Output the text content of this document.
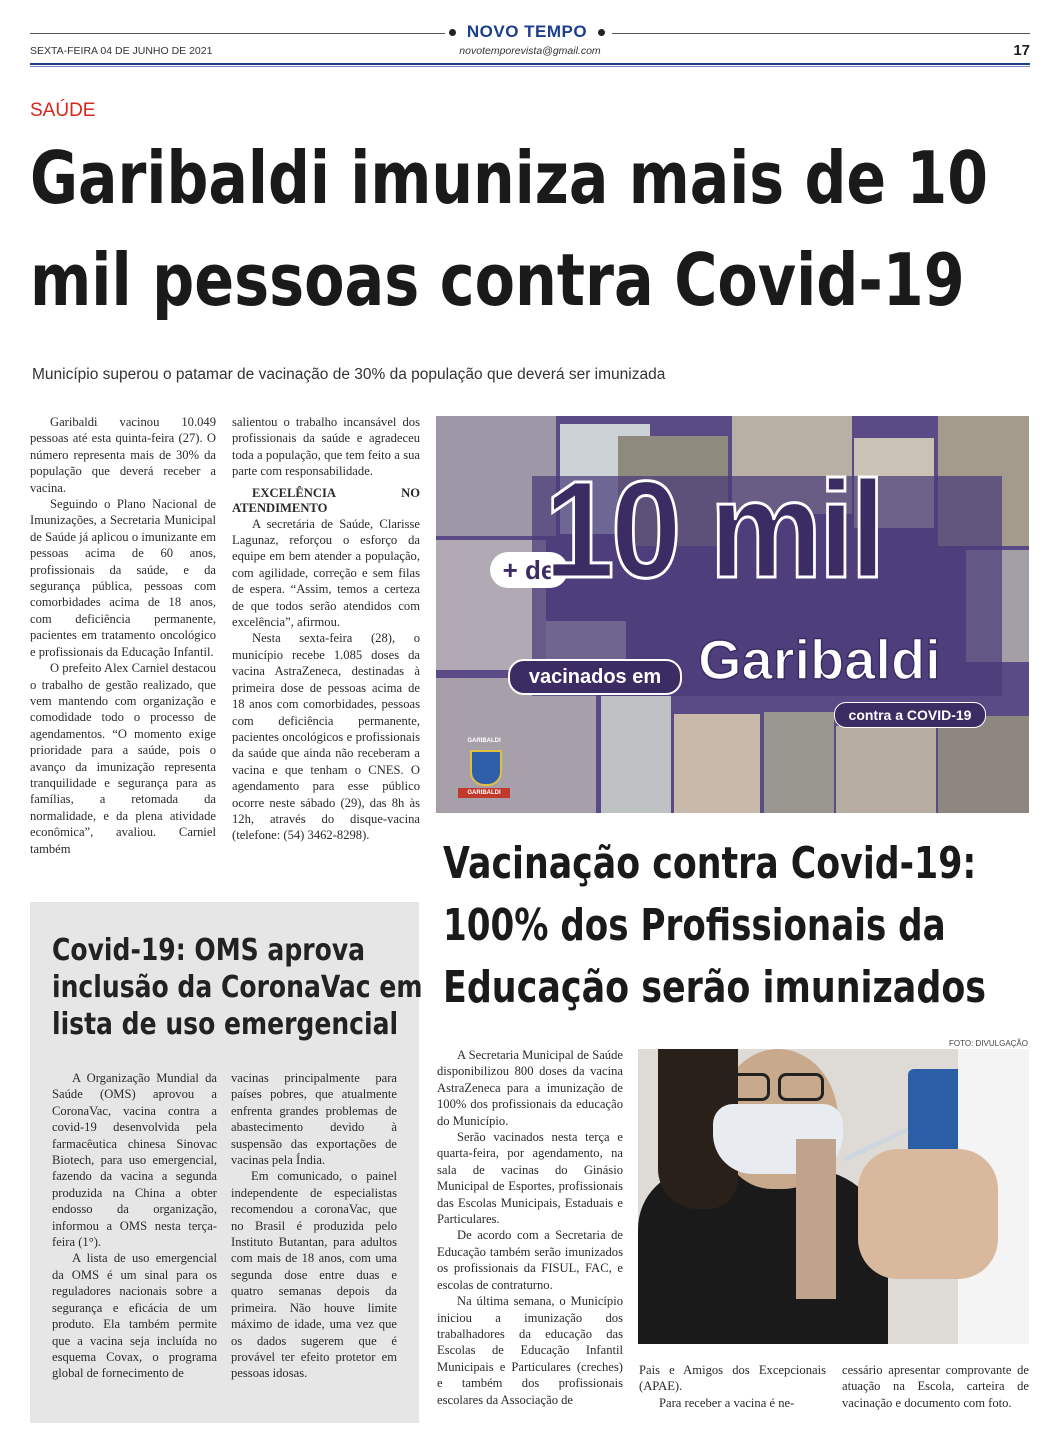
NOVO TEMPO
SEXTA-FEIRA 04 DE JUNHO DE 2021	novotemporevista@gmail.com	17
SAÚDE
Garibaldi imuniza mais de 10
mil pessoas contra Covid-19
Município superou o patamar de vacinação de 30% da população que deverá ser imunizada

Garibaldi vacinou 10.049 pessoas até esta quinta-feira (27). O número representa mais de 30% da população que deverá receber a vacina.

Seguindo o Plano Nacional de Imunizações, a Secretaria Municipal de Saúde já aplicou o imunizante em pessoas acima de 60 anos, profissionais da saúde, e da segurança pública, pessoas com comorbidades acima de 18 anos, com deficiência permanente, pacientes em tratamento oncológico e profissionais da Educação Infantil.

O prefeito Alex Carniel destacou o trabalho de gestão realizado, que vem mantendo com organização e comodidade todo o processo de agendamentos. “O momento exige prioridade para a saúde, pois o avanço da imunização representa tranquilidade e segurança para as famílias, a retomada da normalidade, e da plena atividade econômica”, avaliou. Carniel também

salientou o trabalho incansável dos profissionais da saúde e agradeceu toda a população, que tem feito a sua parte com responsabilidade.

EXCELÊNCIA NO ATENDIMENTO

A secretária de Saúde, Clarisse Lagunaz, reforçou o esforço da equipe em bem atender a população, com agilidade, correção e sem filas de espera. “Assim, temos a certeza de que todos serão atendidos com excelência”, afirmou.

Nesta sexta-feira (28), o município recebe 1.085 doses da vacina AstraZeneca, destinadas à primeira dose de pessoas acima de 18 anos com comorbidades, pessoas com deficiência permanente, pacientes oncológicos e profissionais da saúde que ainda não receberam a vacina e que tenham o CNES. O agendamento para esse público ocorre neste sábado (29), das 8h às 12h, através do disque-vacina (telefone: (54) 3462-8298).

+ de
10 mil
vacinados em Garibaldi
contra a COVID-19
GARIBALDI
GARIBALDI
Covid-19: OMS aprova
inclusão da CoronaVac em
lista de uso emergencial

A Organização Mundial da Saúde (OMS) aprovou a CoronaVac, vacina contra a covid-19 desenvolvida pela farmacêutica chinesa Sinovac Biotech, para uso emergencial, fazendo da vacina a segunda produzida na China a obter endosso da organização, informou a OMS nesta terça-feira (1°).

A lista de uso emergencial da OMS é um sinal para os reguladores nacionais sobre a segurança e eficácia de um produto. Ela também permite que a vacina seja incluída no esquema Covax, o programa global de fornecimento de

vacinas principalmente para países pobres, que atualmente enfrenta grandes problemas de abastecimento devido à suspensão das exportações de vacinas pela Índia.

Em comunicado, o painel independente de especialistas recomendou a coronaVac, que no Brasil é produzida pelo Instituto Butantan, para adultos com mais de 18 anos, com uma segunda dose entre duas e quatro semanas depois da primeira. Não houve limite máximo de idade, uma vez que os dados sugerem que é provável ter efeito protetor em pessoas idosas.

Vacinação contra Covid-19:
100% dos Profissionais da
Educação serão imunizados
FOTO: DIVULGAÇÃO

A Secretaria Municipal de Saúde disponibilizou 800 doses da vacina AstraZeneca para a imunização de 100% dos profissionais da educação do Município.

Serão vacinados nesta terça e quarta-feira, por agendamento, na sala de vacinas do Ginásio Municipal de Esportes, profissionais das Escolas Municipais, Estaduais e Particulares.

De acordo com a Secretaria de Educação também serão imunizados os profissionais da FISUL, FAC, e escolas de contraturno.

Na última semana, o Município iniciou a imunização dos trabalhadores da educação das Escolas de Educação Infantil Municipais e Particulares (creches) e também dos profissionais escolares da Associação de

Pais e Amigos dos Excepcionais (APAE).

Para receber a vacina é ne-

cessário apresentar comprovante de atuação na Escola, carteira de vacinação e documento com foto.
